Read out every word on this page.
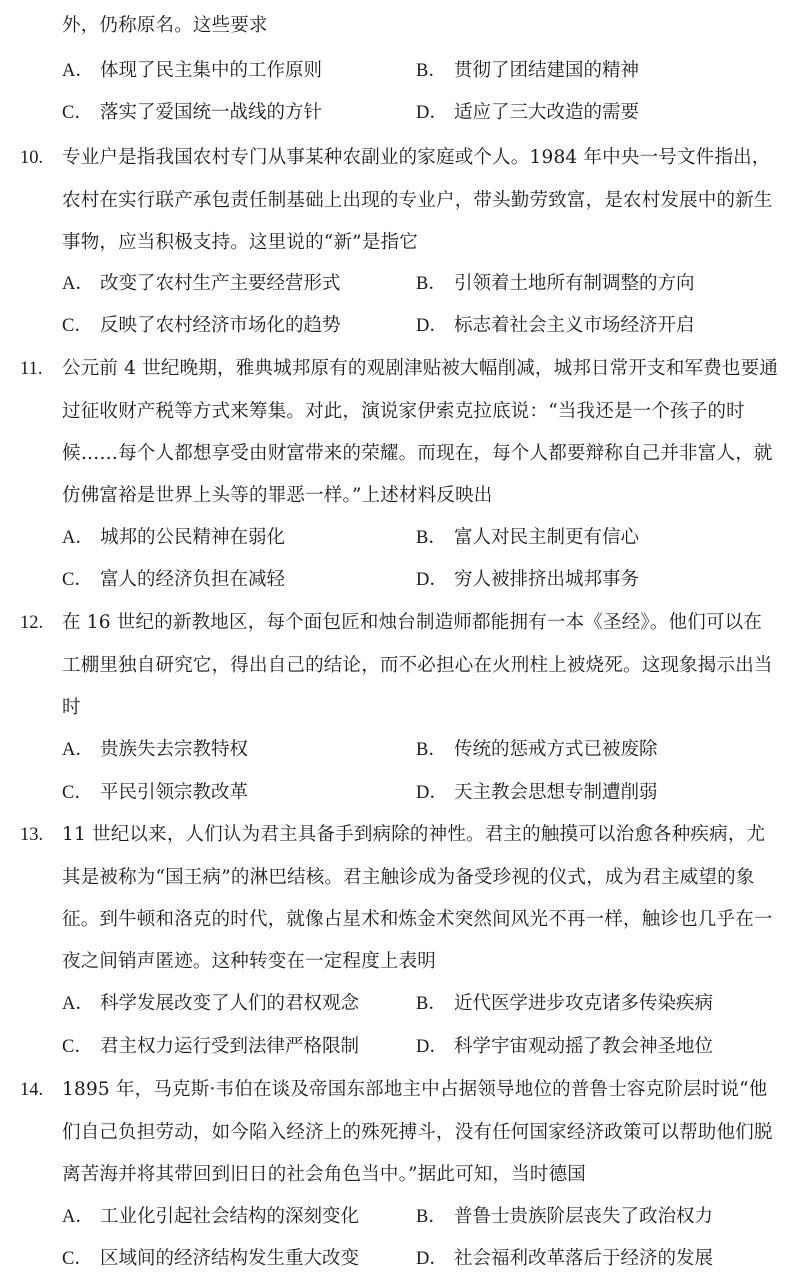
外，仍称原名。这些要求
A． 体现了民主集中的工作原则	B． 贯彻了团结建国的精神
C． 落实了爱国统一战线的方针	D． 适应了三大改造的需要
10. 专业户是指我国农村专门从事某种农副业的家庭或个人。1984 年中央一号文件指出，
农村在实行联产承包责任制基础上出现的专业户，带头勤劳致富，是农村发展中的新生
事物，应当积极支持。这里说的“新”是指它
A． 改变了农村生产主要经营形式	B． 引领着土地所有制调整的方向
C． 反映了农村经济市场化的趋势	D． 标志着社会主义市场经济开启
11. 公元前 4 世纪晚期，雅典城邦原有的观剧津贴被大幅削减，城邦日常开支和军费也要通
过征收财产税等方式来筹集。对此，演说家伊索克拉底说：“当我还是一个孩子的时
候……每个人都想享受由财富带来的荣耀。而现在，每个人都要辩称自己并非富人，就
仿佛富裕是世界上头等的罪恶一样。”上述材料反映出
A． 城邦的公民精神在弱化	B． 富人对民主制更有信心
C． 富人的经济负担在减轻	D． 穷人被排挤出城邦事务
12. 在 16 世纪的新教地区，每个面包匠和烛台制造师都能拥有一本《圣经》。他们可以在
工棚里独自研究它，得出自己的结论，而不必担心在火刑柱上被烧死。这现象揭示出当
时
A． 贵族失去宗教特权	B． 传统的惩戒方式已被废除
C． 平民引领宗教改革	D． 天主教会思想专制遭削弱
13. 11 世纪以来，人们认为君主具备手到病除的神性。君主的触摸可以治愈各种疾病，尤
其是被称为“国王病”的淋巴结核。君主触诊成为备受珍视的仪式，成为君主威望的象
征。到牛顿和洛克的时代，就像占星术和炼金术突然间风光不再一样，触诊也几乎在一
夜之间销声匿迹。这种转变在一定程度上表明
A． 科学发展改变了人们的君权观念	B． 近代医学进步攻克诸多传染疾病
C． 君主权力运行受到法律严格限制	D． 科学宇宙观动摇了教会神圣地位
14. 1895 年，马克斯·韦伯在谈及帝国东部地主中占据领导地位的普鲁士容克阶层时说“他
们自己负担劳动，如今陷入经济上的殊死搏斗，没有任何国家经济政策可以帮助他们脱
离苦海并将其带回到旧日的社会角色当中。”据此可知，当时德国
A． 工业化引起社会结构的深刻变化	B． 普鲁士贵族阶层丧失了政治权力
C． 区域间的经济结构发生重大改变	D． 社会福利改革落后于经济的发展
